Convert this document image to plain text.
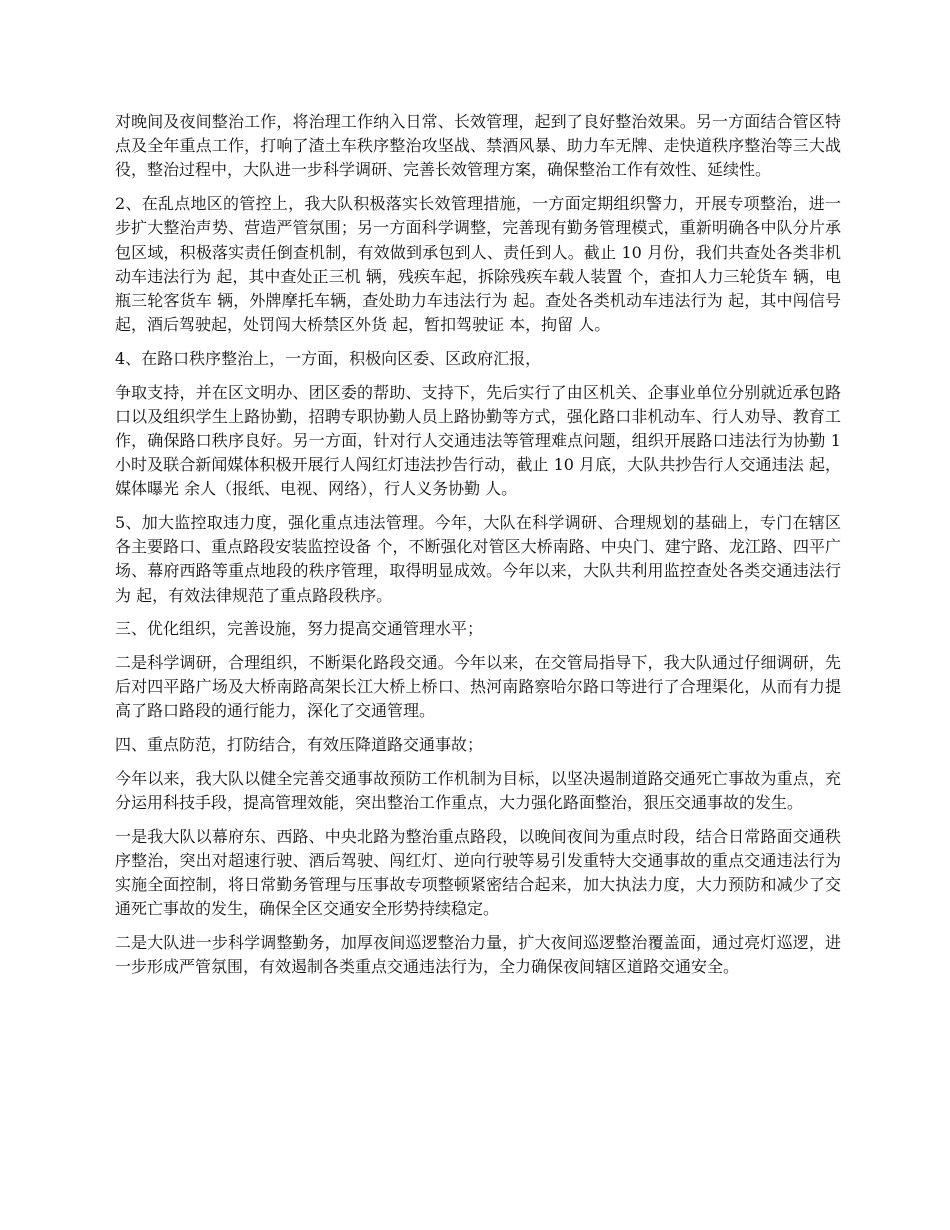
对晚间及夜间整治工作，将治理工作纳入日常、长效管理，起到了良好整治效果。另一方面结合管区特点及全年重点工作，打响了渣土车秩序整治攻坚战、禁酒风暴、助力车无牌、走快道秩序整治等三大战役，整治过程中，大队进一步科学调研、完善长效管理方案，确保整治工作有效性、延续性。

2、在乱点地区的管控上，我大队积极落实长效管理措施，一方面定期组织警力，开展专项整治，进一步扩大整治声势、营造严管氛围；另一方面科学调整，完善现有勤务管理模式，重新明确各中队分片承包区域，积极落实责任倒查机制，有效做到承包到人、责任到人。截止 10 月份，我们共查处各类非机动车违法行为 起，其中查处正三机 辆，残疾车起，拆除残疾车载人装置 个，查扣人力三轮货车 辆，电瓶三轮客货车 辆，外牌摩托车辆，查处助力车违法行为 起。查处各类机动车违法行为 起，其中闯信号 起，酒后驾驶起，处罚闯大桥禁区外货 起，暂扣驾驶证 本，拘留 人。

4、在路口秩序整治上，一方面，积极向区委、区政府汇报，

争取支持，并在区文明办、团区委的帮助、支持下，先后实行了由区机关、企事业单位分别就近承包路口以及组织学生上路协勤，招聘专职协勤人员上路协勤等方式，强化路口非机动车、行人劝导、教育工作，确保路口秩序良好。另一方面，针对行人交通违法等管理难点问题，组织开展路口违法行为协勤 1 小时及联合新闻媒体积极开展行人闯红灯违法抄告行动，截止 10 月底，大队共抄告行人交通违法 起，媒体曝光 余人（报纸、电视、网络），行人义务协勤 人。

5、加大监控取违力度，强化重点违法管理。今年，大队在科学调研、合理规划的基础上，专门在辖区各主要路口、重点路段安装监控设备 个，不断强化对管区大桥南路、中央门、建宁路、龙江路、四平广场、幕府西路等重点地段的秩序管理，取得明显成效。今年以来，大队共利用监控查处各类交通违法行为 起，有效法律规范了重点路段秩序。

三、优化组织，完善设施，努力提高交通管理水平；

二是科学调研，合理组织，不断渠化路段交通。今年以来，在交管局指导下，我大队通过仔细调研，先后对四平路广场及大桥南路高架长江大桥上桥口、热河南路察哈尔路口等进行了合理渠化，从而有力提高了路口路段的通行能力，深化了交通管理。

四、重点防范，打防结合，有效压降道路交通事故；

今年以来，我大队以健全完善交通事故预防工作机制为目标，以坚决遏制道路交通死亡事故为重点，充分运用科技手段，提高管理效能，突出整治工作重点，大力强化路面整治，狠压交通事故的发生。

一是我大队以幕府东、西路、中央北路为整治重点路段，以晚间夜间为重点时段，结合日常路面交通秩序整治，突出对超速行驶、酒后驾驶、闯红灯、逆向行驶等易引发重特大交通事故的重点交通违法行为实施全面控制，将日常勤务管理与压事故专项整顿紧密结合起来，加大执法力度，大力预防和减少了交通死亡事故的发生，确保全区交通安全形势持续稳定。

二是大队进一步科学调整勤务，加厚夜间巡逻整治力量，扩大夜间巡逻整治覆盖面，通过亮灯巡逻，进一步形成严管氛围，有效遏制各类重点交通违法行为，全力确保夜间辖区道路交通安全。
